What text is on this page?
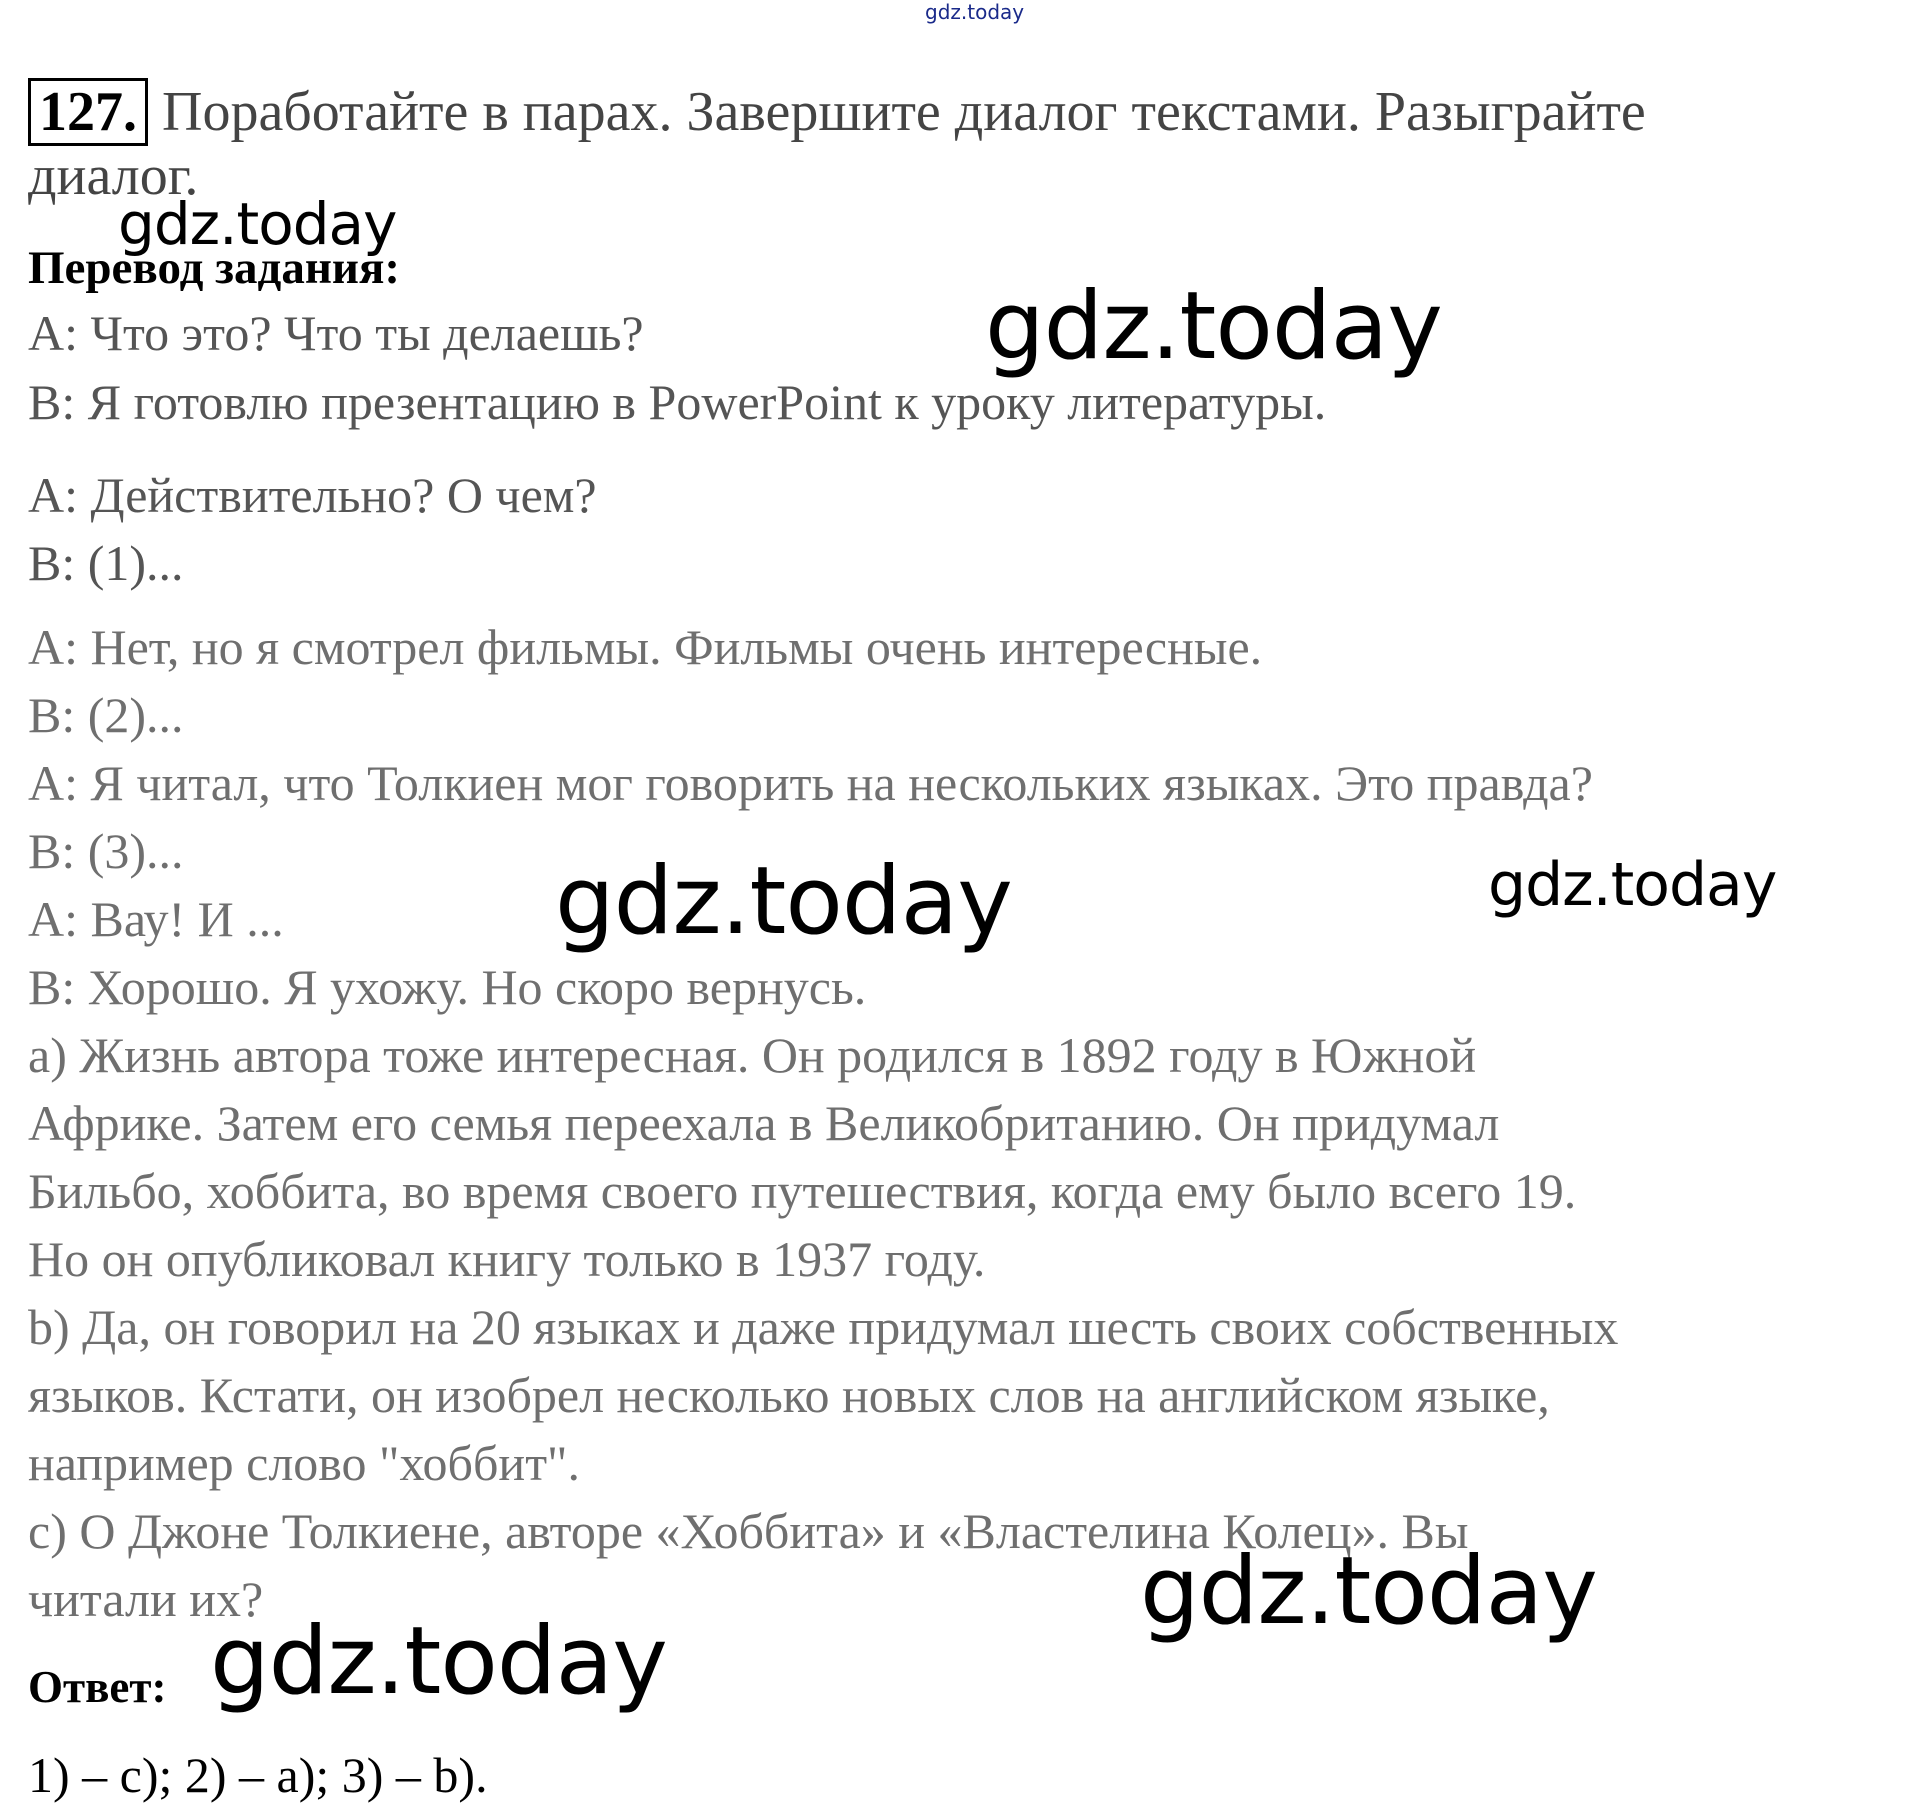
gdz.today
127. Поработайте в парах. Завершите диалог текстами. Разыграйте
диалог.
Перевод задания:
A: Что это? Что ты делаешь?
B: Я готовлю презентацию в PowerPoint к уроку литературы.
A: Действительно? О чем?
B: (1)...
A: Нет, но я смотрел фильмы. Фильмы очень интересные.
B: (2)...
A: Я читал, что Толкиен мог говорить на нескольких языках. Это правда?
B: (3)...
A: Вау! И ...
B: Хорошо. Я ухожу. Но скоро вернусь.
a) Жизнь автора тоже интересная. Он родился в 1892 году в Южной
Африке. Затем его семья переехала в Великобританию. Он придумал
Бильбо, хоббита, во время своего путешествия, когда ему было всего 19.
Но он опубликовал книгу только в 1937 году.
b) Да, он говорил на 20 языках и даже придумал шесть своих собственных
языков. Кстати, он изобрел несколько новых слов на английском языке,
например слово "хоббит".
c) О Джоне Толкиене, авторе «Хоббита» и «Властелина Колец». Вы
читали их?
Ответ:
1) – c); 2) – a); 3) – b).
gdz.today
gdz.today
gdz.today	gdz.today
gdz.today
gdz.today
